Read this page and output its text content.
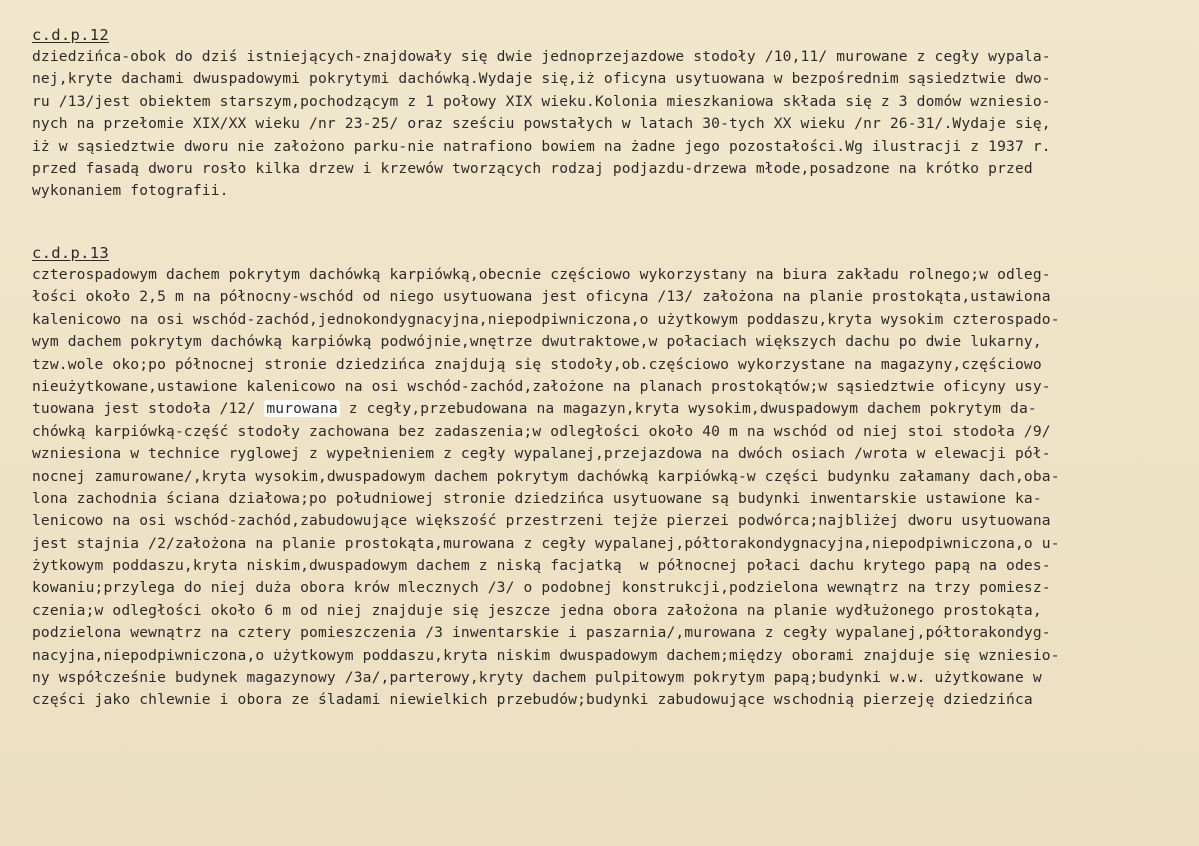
c.d.p.12
dziedzińca-obok do dziś istniejących-znajdowały się dwie jednoprzejazdowe stodoły /10,11/ murowane z cegły wypala-
nej,kryte dachami dwuspadowymi pokrytymi dachówką.Wydaje się,iż oficyna usytuowana w bezpośrednim sąsiedztwie dwo-
ru /13/jest obiektem starszym,pochodzącym z 1 połowy XIX wieku.Kolonia mieszkaniowa składa się z 3 domów wzniesio-
nych na przełomie XIX/XX wieku /nr 23-25/ oraz sześciu powstałych w latach 30-tych XX wieku /nr 26-31/.Wydaje się,
iż w sąsiedztwie dworu nie założono parku-nie natrafiono bowiem na żadne jego pozostałości.Wg ilustracji z 1937 r.
przed fasadą dworu rosło kilka drzew i krzewów tworzących rodzaj podjazdu-drzewa młode,posadzone na krótko przed
wykonaniem fotografii.
c.d.p.13
czterospadowym dachem pokrytym dachówką karpiówką,obecnie częściowo wykorzystany na biura zakładu rolnego;w odleg-
łości około 2,5 m na północny-wschód od niego usytuowana jest oficyna /13/ założona na planie prostokąta,ustawiona
kalenicowo na osi wschód-zachód,jednokondygnacyjna,niepodpiwniczona,o użytkowym poddaszu,kryta wysokim czterospado-
wym dachem pokrytym dachówką karpiówką podwójnie,wnętrze dwutraktowe,w połaciach większych dachu po dwie lukarny,
tzw.wole oko;po północnej stronie dziedzińca znajdują się stodoły,ob.częściowo wykorzystane na magazyny,częściowo
nieużytkowane,ustawione kalenicowo na osi wschód-zachód,założone na planach prostokątów;w sąsiedztwie oficyny usy-
tuowana jest stodoła /12/ murowana z cegły,przebudowana na magazyn,kryta wysokim,dwuspadowym dachem pokrytym da-
chówką karpiówką-część stodoły zachowana bez zadaszenia;w odległości około 40 m na wschód od niej stoi stodoła /9/
wzniesiona w technice ryglowej z wypełnieniem z cegły wypalanej,przejazdowa na dwóch osiach /wrota w elewacji pół-
nocnej zamurowane/,kryta wysokim,dwuspadowym dachem pokrytym dachówką karpiówką-w części budynku załamany dach,oba-
lona zachodnia ściana działowa;po południowej stronie dziedzińca usytuowane są budynki inwentarskie ustawione ka-
lenicowo na osi wschód-zachód,zabudowujące większość przestrzeni tejże pierzei podwórca;najbliżej dworu usytuowana
jest stajnia /2/założona na planie prostokąta,murowana z cegły wypalanej,półtorakondygnacyjna,niepodpiwniczona,o u-
żytkowym poddaszu,kryta niskim,dwuspadowym dachem z niską facjatką  w północnej połaci dachu krytego papą na odes-
kowaniu;przylega do niej duża obora krów mlecznych /3/ o podobnej konstrukcji,podzielona wewnątrz na trzy pomiesz-
czenia;w odległości około 6 m od niej znajduje się jeszcze jedna obora założona na planie wydłużonego prostokąta,
podzielona wewnątrz na cztery pomieszczenia /3 inwentarskie i paszarnia/,murowana z cegły wypalanej,półtorakondyg-
nacyjna,niepodpiwniczona,o użytkowym poddaszu,kryta niskim dwuspadowym dachem;między oborami znajduje się wzniesio-
ny współcześnie budynek magazynowy /3a/,parterowy,kryty dachem pulpitowym pokrytym papą;budynki w.w. użytkowane w
części jako chlewnie i obora ze śladami niewielkich przebudów;budynki zabudowujące wschodnią pierzeję dziedzińca
